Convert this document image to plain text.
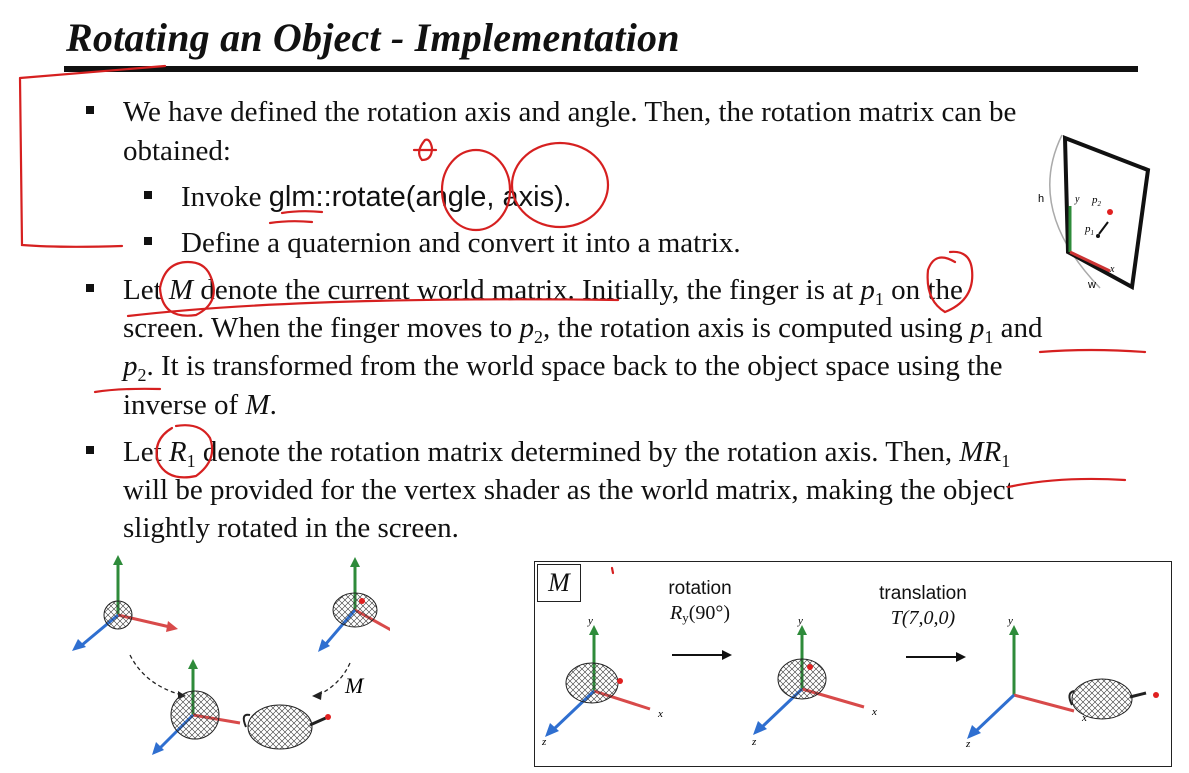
Rotating an Object - Implementation
We have defined the rotation axis and angle. Then, the rotation matrix can be
obtained:
Invoke glm::rotate(angle, axis).
Define a quaternion and convert it into a matrix.
Let M denote the current world matrix. Initially, the finger is at $p_1$ on the
screen. When the finger moves to $p_2$, the rotation axis is computed using $p_1$ and
$p_2$. It is transformed from the world space back to the object space using the
inverse of M.
Let $R_1$ denote the rotation matrix determined by the rotation axis. Then, $MR_1$
will be provided for the vertex shader as the world matrix, making the object
slightly rotated in the screen.
h
w
y
x
$p_2$
$p_1$
M
M	rotation
$R_y(90^\circ)$
translation
T(7,0,0)
y
x
z
y
x
z
y
x
z
